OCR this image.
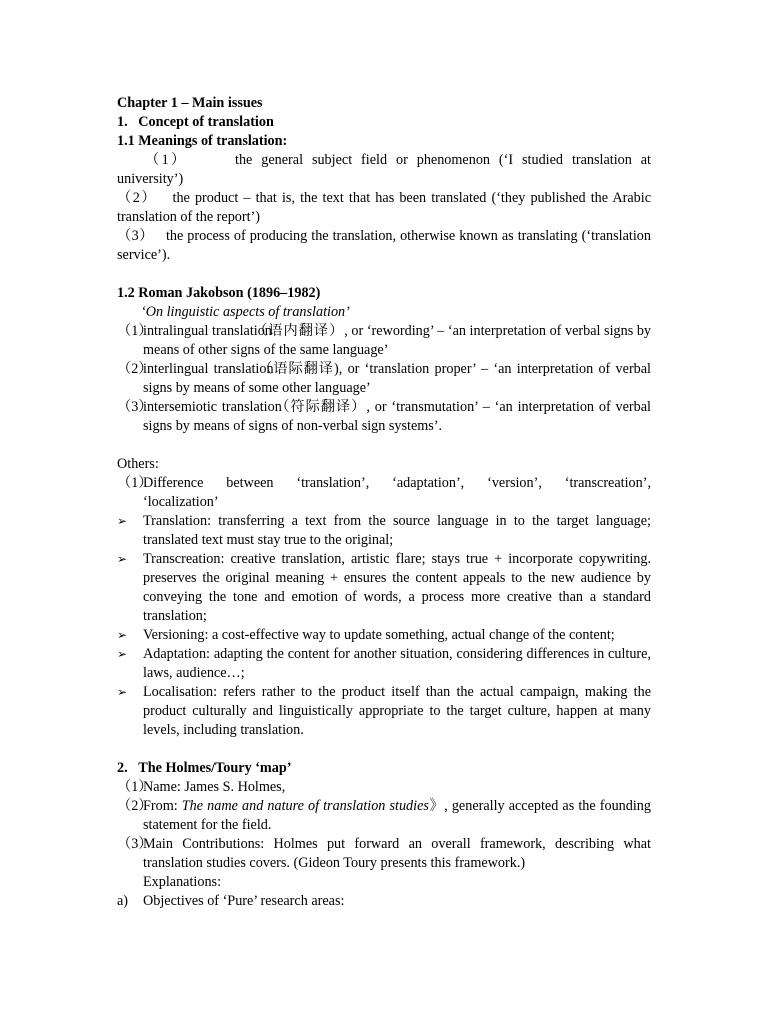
Chapter 1 – Main issues
1. Concept of translation
1.1 Meanings of translation:
（1）	the general subject field or phenomenon (‘I studied translation at university’)
（2） the product – that is, the text that has been translated (‘they published the Arabic translation of the report’)
（3） the process of producing the translation, otherwise known as translating (‘translation service’).
1.2 Roman Jakobson (1896–1982)
‘On linguistic aspects of translation’
（1）intralingual translation  （语内翻译）, or ‘rewording’ – ‘an interpretation of verbal signs by means of other signs of the same language’
（2）interlingual translation  （语际翻译), or ‘translation proper’ – ‘an interpretation of verbal signs by means of some other language’
（3）intersemiotic translation    （符际翻译）, or ‘transmutation’ – ‘an interpretation of verbal signs by means of signs of non-verbal sign systems’.
Others:
（1）Difference between ‘translation’, ‘adaptation’, ‘version’, ‘transcreation’, ‘localization’
➢ Translation: transferring a text from the source language in to the target language; translated text must stay true to the original;
➢ Transcreation: creative translation, artistic flare; stays true + incorporate copywriting. preserves the original meaning + ensures the content appeals to the new audience by conveying the tone and emotion of words, a process more creative than a standard translation;
➢ Versioning: a cost-effective way to update something, actual change of the content;
➢ Adaptation: adapting the content for another situation, considering differences in culture, laws, audience…;
➢ Localisation: refers rather to the product itself than the actual campaign, making the product culturally and linguistically appropriate to the target culture, happen at many levels, including translation.
2. The Holmes/Toury ‘map’
（1）Name: James S. Holmes,
（2）From: The name and nature of translation studies》, generally accepted as the founding statement for the field.
（3）Main Contributions: Holmes put forward an overall framework, describing what translation studies covers. (Gideon Toury presents this framework.)
Explanations:
a) Objectives of ‘Pure’ research areas:
